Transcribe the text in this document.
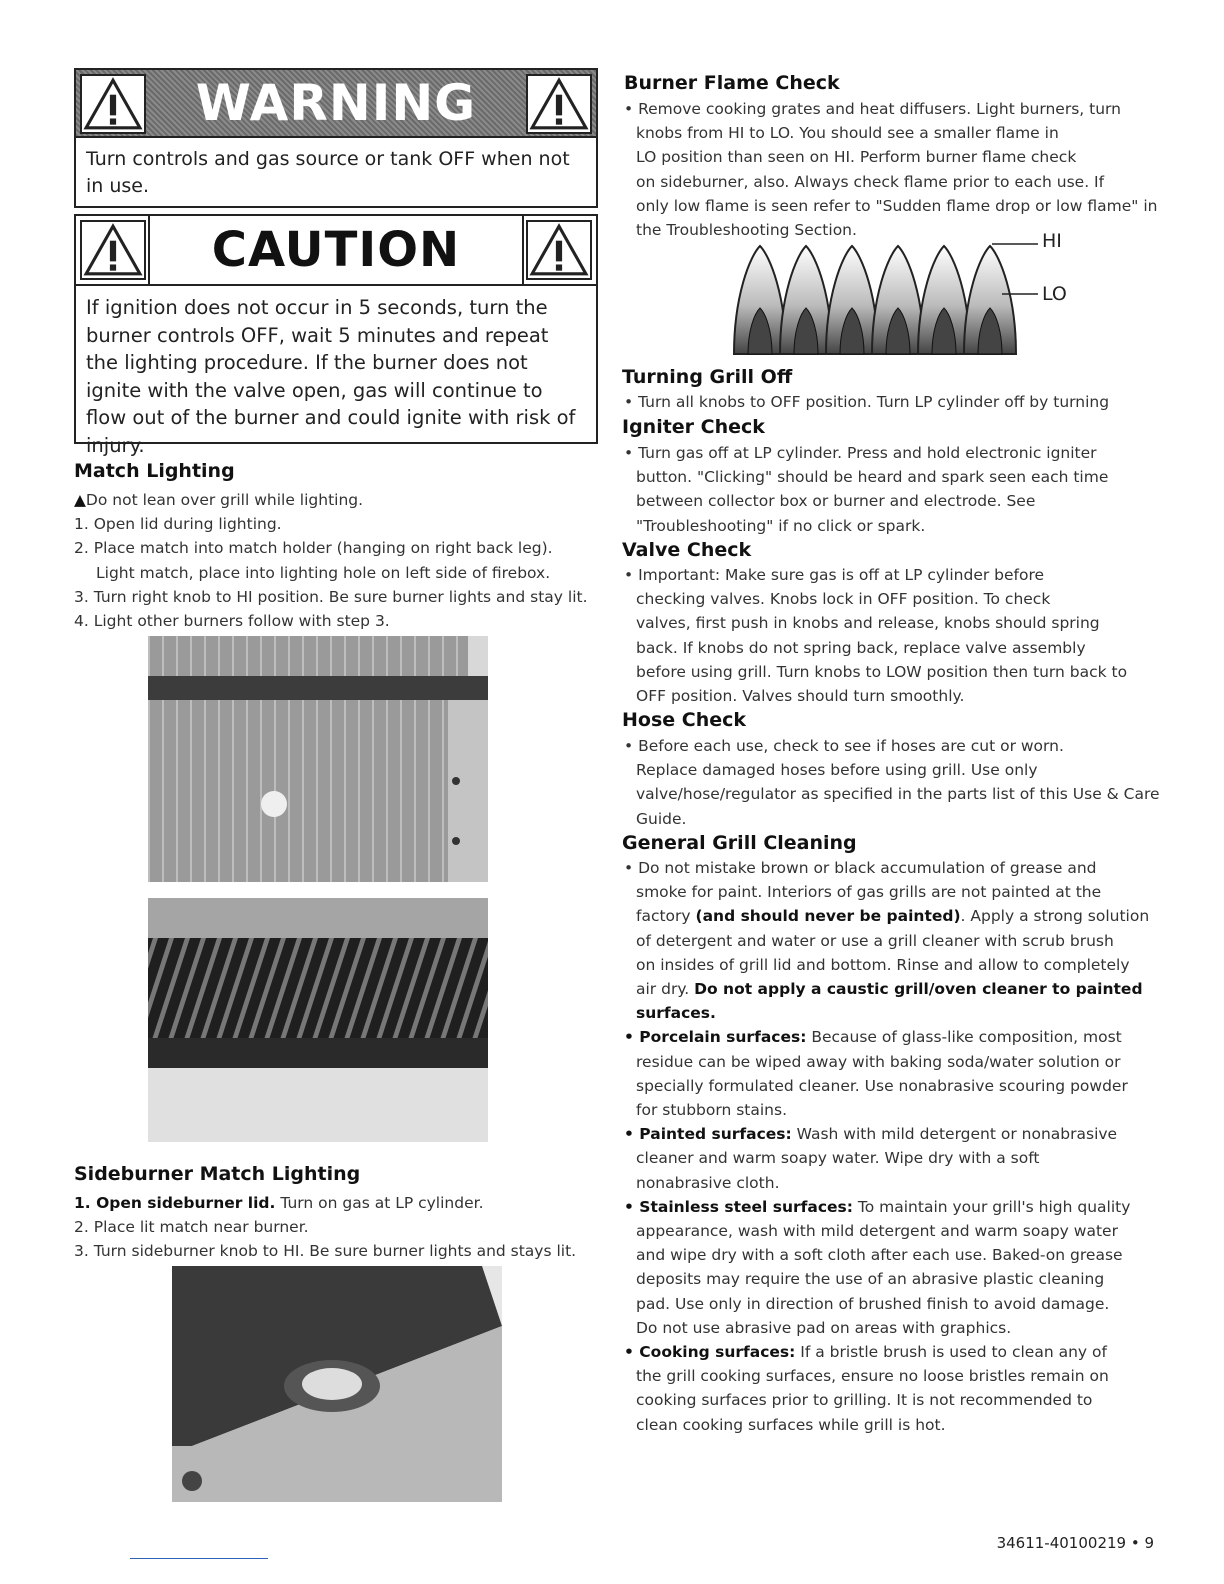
WARNING
Turn controls and gas source or tank OFF when not in use.
CAUTION
If ignition does not occur in 5 seconds, turn the burner controls OFF, wait 5 minutes and repeat the lighting procedure. If the burner does not ignite with the valve open, gas will continue to flow out of the burner and could ignite with risk of injury.
Match Lighting

▲Do not lean over grill while lighting.

1. Open lid during lighting.

2. Place match into match holder (hanging on right back leg).

Light match, place into lighting hole on left side of firebox.

3. Turn right knob to HI position. Be sure burner lights and stay lit.

4. Light other burners follow with step 3.

Sideburner Match Lighting

1. Open sideburner lid. Turn on gas at LP cylinder.

2. Place lit match near burner.

3. Turn sideburner knob to HI. Be sure burner lights and stays lit.

Burner Flame Check

• Remove cooking grates and heat diffusers. Light burners, turn

knobs from HI to LO. You should see a smaller flame in

LO position than seen on HI. Perform burner flame check

on sideburner, also. Always check flame prior to each use. If

only low flame is seen refer to "Sudden flame drop or low flame" in

the Troubleshooting Section.	HI
LO
Turning Grill Off

• Turn all knobs to OFF position. Turn LP cylinder off by turning

Igniter Check

• Turn gas off at LP cylinder. Press and hold electronic igniter

button. "Clicking" should be heard and spark seen each time

between collector box or burner and electrode. See

"Troubleshooting" if no click or spark.

Valve Check

• Important: Make sure gas is off at LP cylinder before

checking valves. Knobs lock in OFF position. To check

valves, first push in knobs and release, knobs should spring

back. If knobs do not spring back, replace valve assembly

before using grill. Turn knobs to LOW position then turn back to

OFF position. Valves should turn smoothly.

Hose Check

• Before each use, check to see if hoses are cut or worn.

Replace damaged hoses before using grill. Use only

valve/hose/regulator as specified in the parts list of this Use & Care

Guide.

General Grill Cleaning

• Do not mistake brown or black accumulation of grease and

smoke for paint. Interiors of gas grills are not painted at the

factory (and should never be painted). Apply a strong solution

of detergent and water or use a grill cleaner with scrub brush

on insides of grill lid and bottom. Rinse and allow to completely

air dry. Do not apply a caustic grill/oven cleaner to painted

surfaces.

• Porcelain surfaces: Because of glass-like composition, most

residue can be wiped away with baking soda/water solution or

specially formulated cleaner. Use nonabrasive scouring powder

for stubborn stains.

• Painted surfaces: Wash with mild detergent or nonabrasive

cleaner and warm soapy water. Wipe dry with a soft

nonabrasive cloth.

• Stainless steel surfaces: To maintain your grill's high quality

appearance, wash with mild detergent and warm soapy water

and wipe dry with a soft cloth after each use. Baked-on grease

deposits may require the use of an abrasive plastic cleaning

pad. Use only in direction of brushed finish to avoid damage.

Do not use abrasive pad on areas with graphics.

• Cooking surfaces: If a bristle brush is used to clean any of

the grill cooking surfaces, ensure no loose bristles remain on

cooking surfaces prior to grilling. It is not recommended to

clean cooking surfaces while grill is hot.

34611-40100219 • 9
